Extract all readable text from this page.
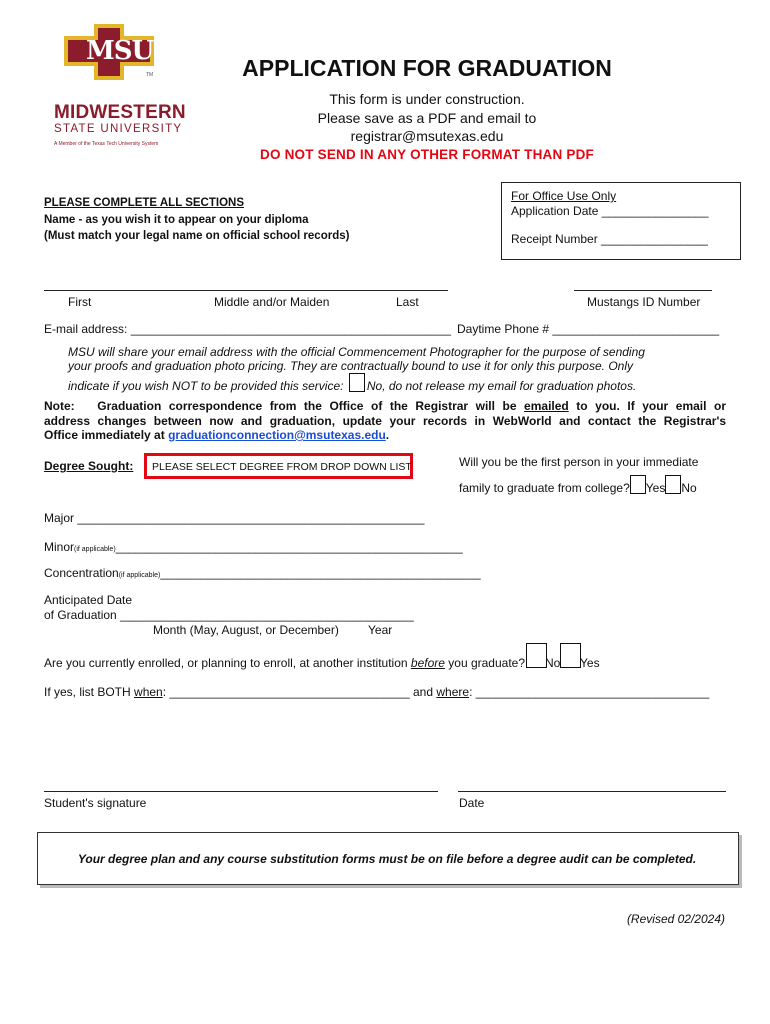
MSU
TM
MIDWESTERN
STATE UNIVERSITY
A Member of the Texas Tech University System
APPLICATION FOR GRADUATION
This form is under construction.
Please save as a PDF and email to
registrar@msutexas.edu
DO NOT SEND IN ANY OTHER FORMAT THAN PDF
PLEASE COMPLETE ALL SECTIONS
Name - as you wish it to appear on your diploma
(Must match your legal name on official school records)
For Office Use Only
Application Date ________________
Receipt Number ________________
First	Middle and/or Maiden	Last	Mustangs ID Number
E-mail address: ________________________________________________ Daytime Phone # _________________________
MSU will share your email address with the official Commencement Photographer for the purpose of sending
your proofs and graduation photo pricing. They are contractually bound to use it for only this purpose. Only
indicate if you wish NOT to be provided this service: No, do not release my email for graduation photos.
Note: Graduation correspondence from the Office of the Registrar will be emailed to you. If your email or
address changes between now and graduation, update your records in WebWorld and contact the Registrar's
Office immediately at graduationconnection@msutexas.edu.
Degree Sought: PLEASE SELECT DEGREE FROM DROP DOWN LIST	Will you be the first person in your immediate
family to graduate from college? Yes No
Major ____________________________________________________
Minor(if applicable)____________________________________________________
Concentration(if applicable)________________________________________________
Anticipated Date
of Graduation ____________________________________________
Month (May, August, or December) Year
Are you currently enrolled, or planning to enroll, at another institution before you graduate? No Yes
If yes, list BOTH when: ____________________________________ and where: ___________________________________
Student's signature	Date
Your degree plan and any course substitution forms must be on file before a degree audit can be completed.
(Revised 02/2024)
